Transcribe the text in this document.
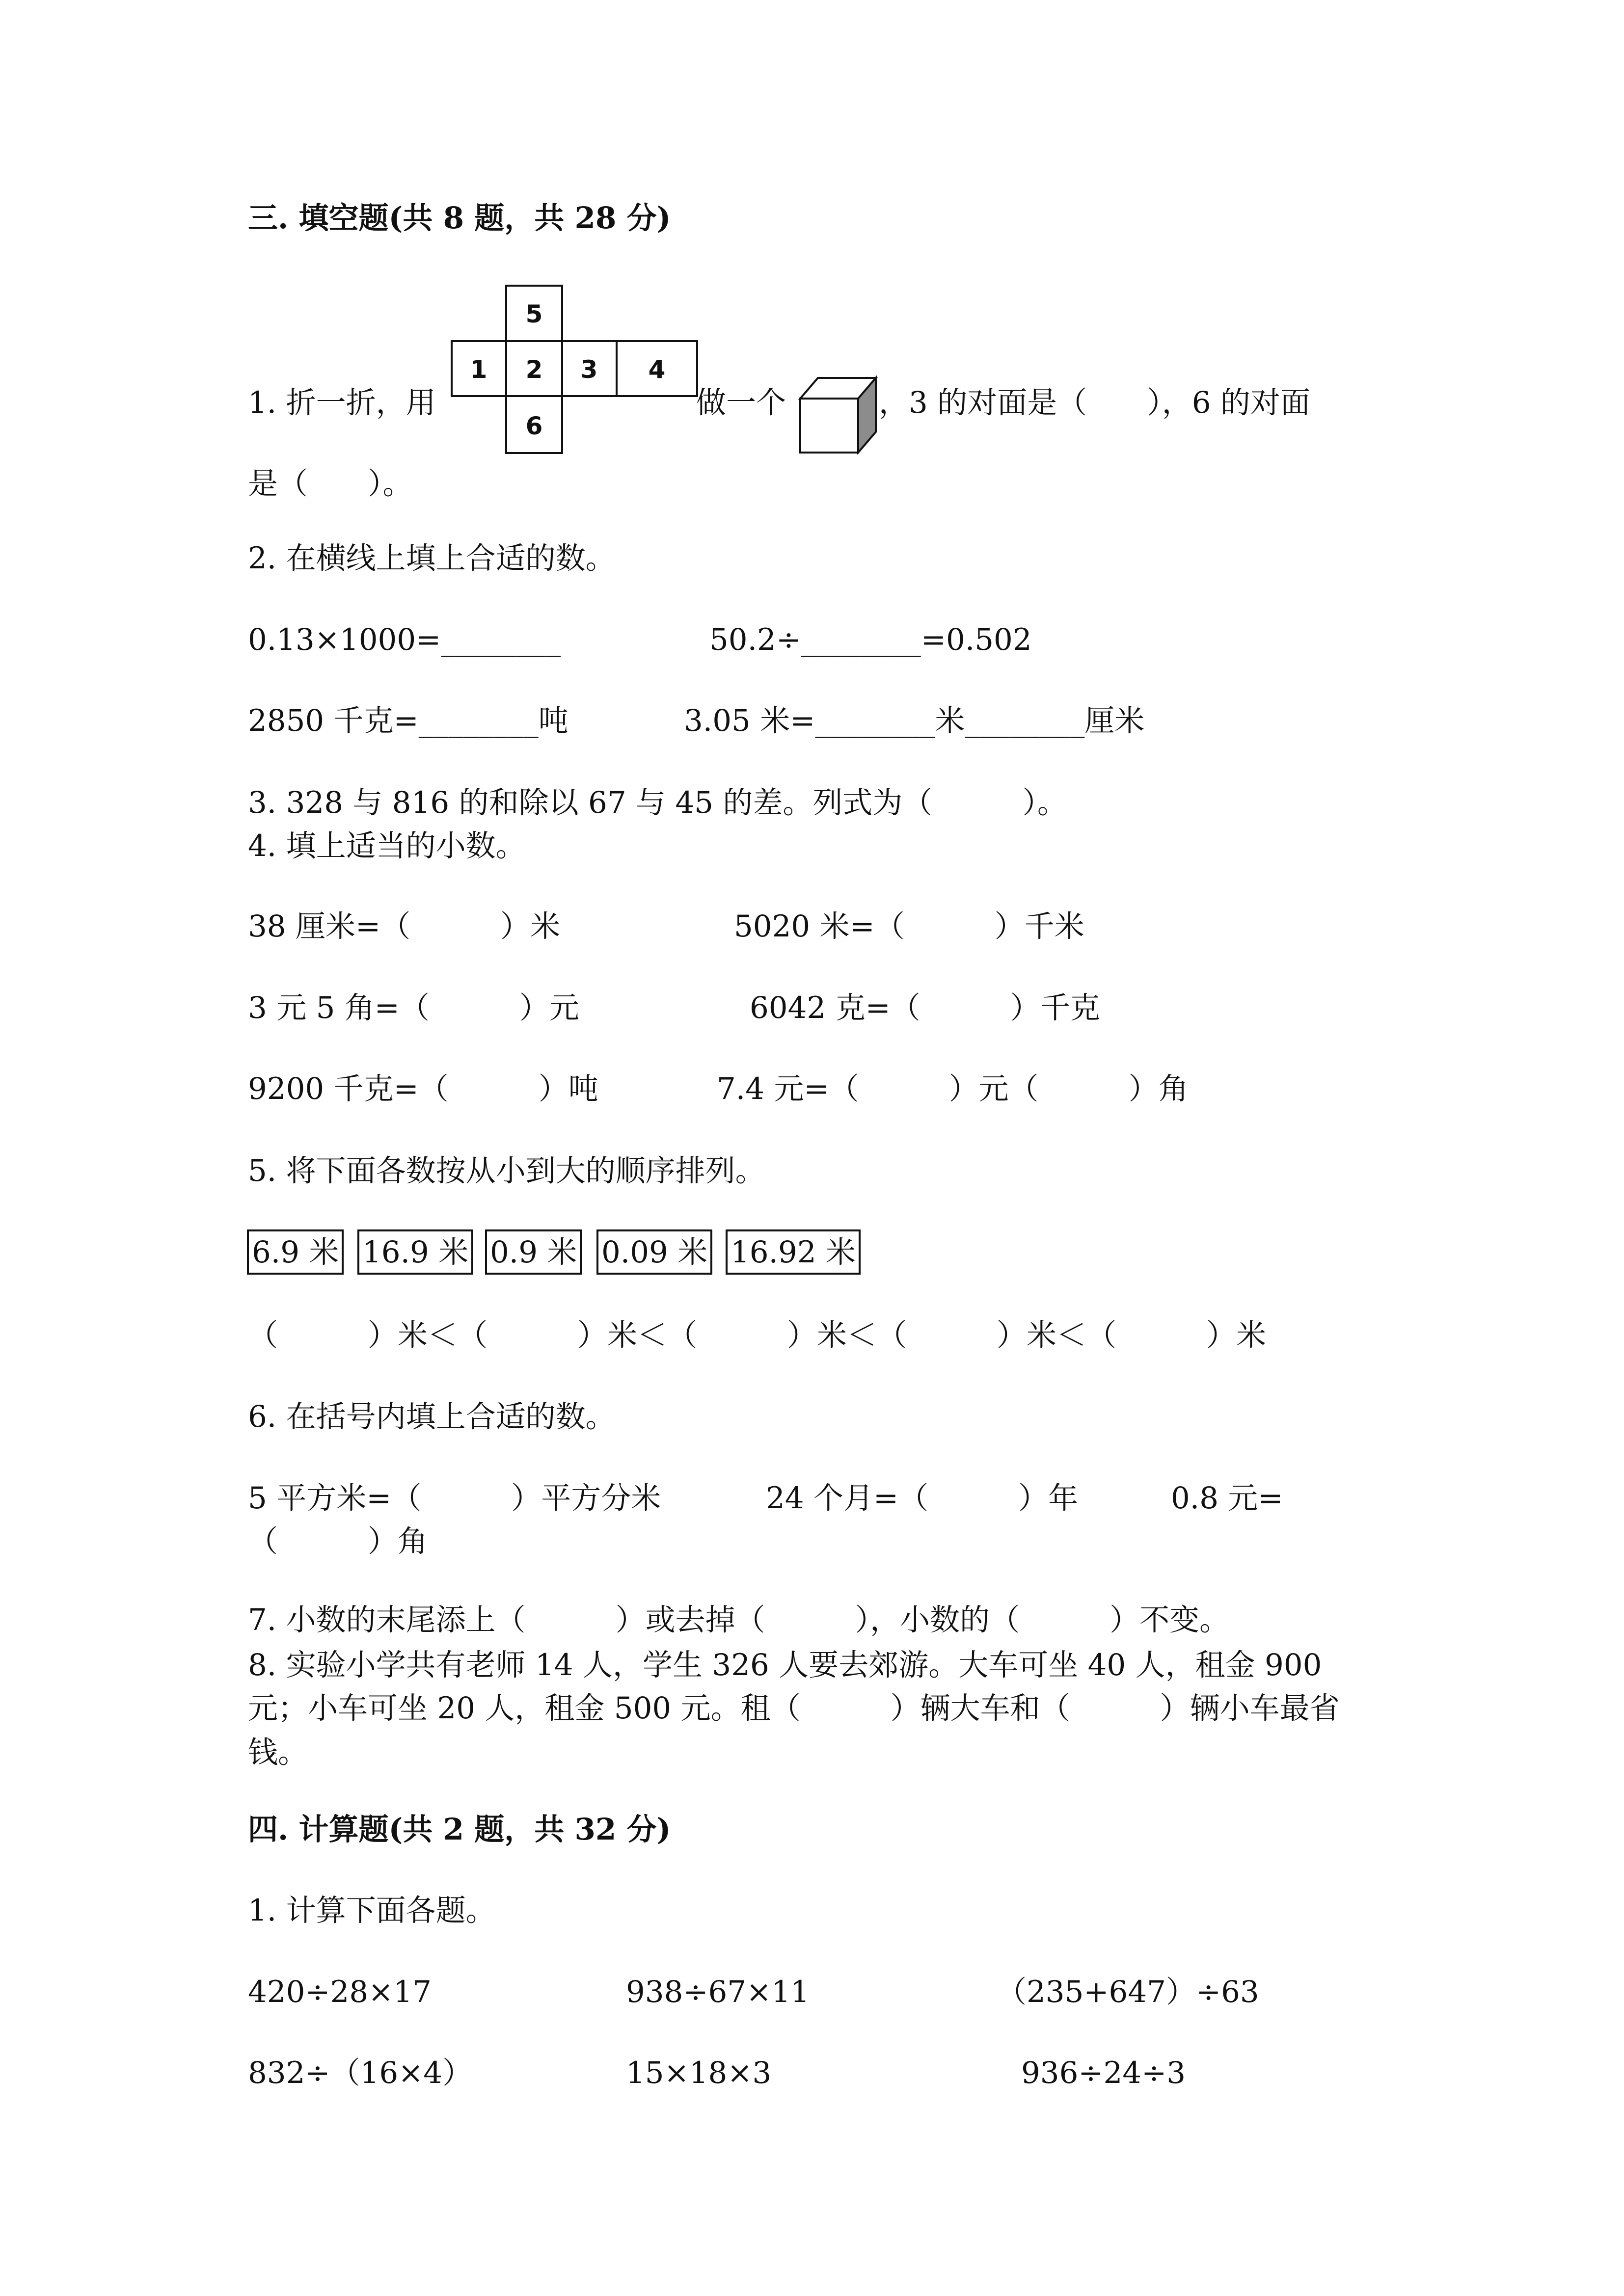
三. 填空题(共 8 题，共 28 分)
1. 折一折，用
5
1 2 3 4
6
做一个	，3 的对面是（　　），6 的对面
是（　　）。
2. 在横线上填上合适的数。
0.13×1000=________	50.2÷________=0.502
2850 千克=________吨	3.05 米=________米________厘米
3. 328 与 816 的和除以 67 与 45 的差。列式为（　　　）。
4. 填上适当的小数。
38 厘米=（　　　）米	5020 米=（　　　）千米
3 元 5 角=（　　　）元	6042 克=（　　　）千克
9200 千克=（　　　）吨	7.4 元=（　　　）元（　　　）角
5. 将下面各数按从小到大的顺序排列。
6.9 米 16.9 米 0.9 米 0.09 米 16.92 米
（　　　）米＜（　　　）米＜（　　　）米＜（　　　）米＜（　　　）米
6. 在括号内填上合适的数。
5 平方米=（　　　）平方分米	24 个月=（　　　）年	0.8 元=
（　　　）角
7. 小数的末尾添上（　　　）或去掉（　　　），小数的（　　　）不变。
8. 实验小学共有老师 14 人，学生 326 人要去郊游。大车可坐 40 人，租金 900
元；小车可坐 20 人，租金 500 元。租（　　　）辆大车和（　　　）辆小车最省
钱。
四. 计算题(共 2 题，共 32 分)
1. 计算下面各题。
420÷28×17	938÷67×11	（235+647）÷63
832÷（16×4）	15×18×3	936÷24÷3
